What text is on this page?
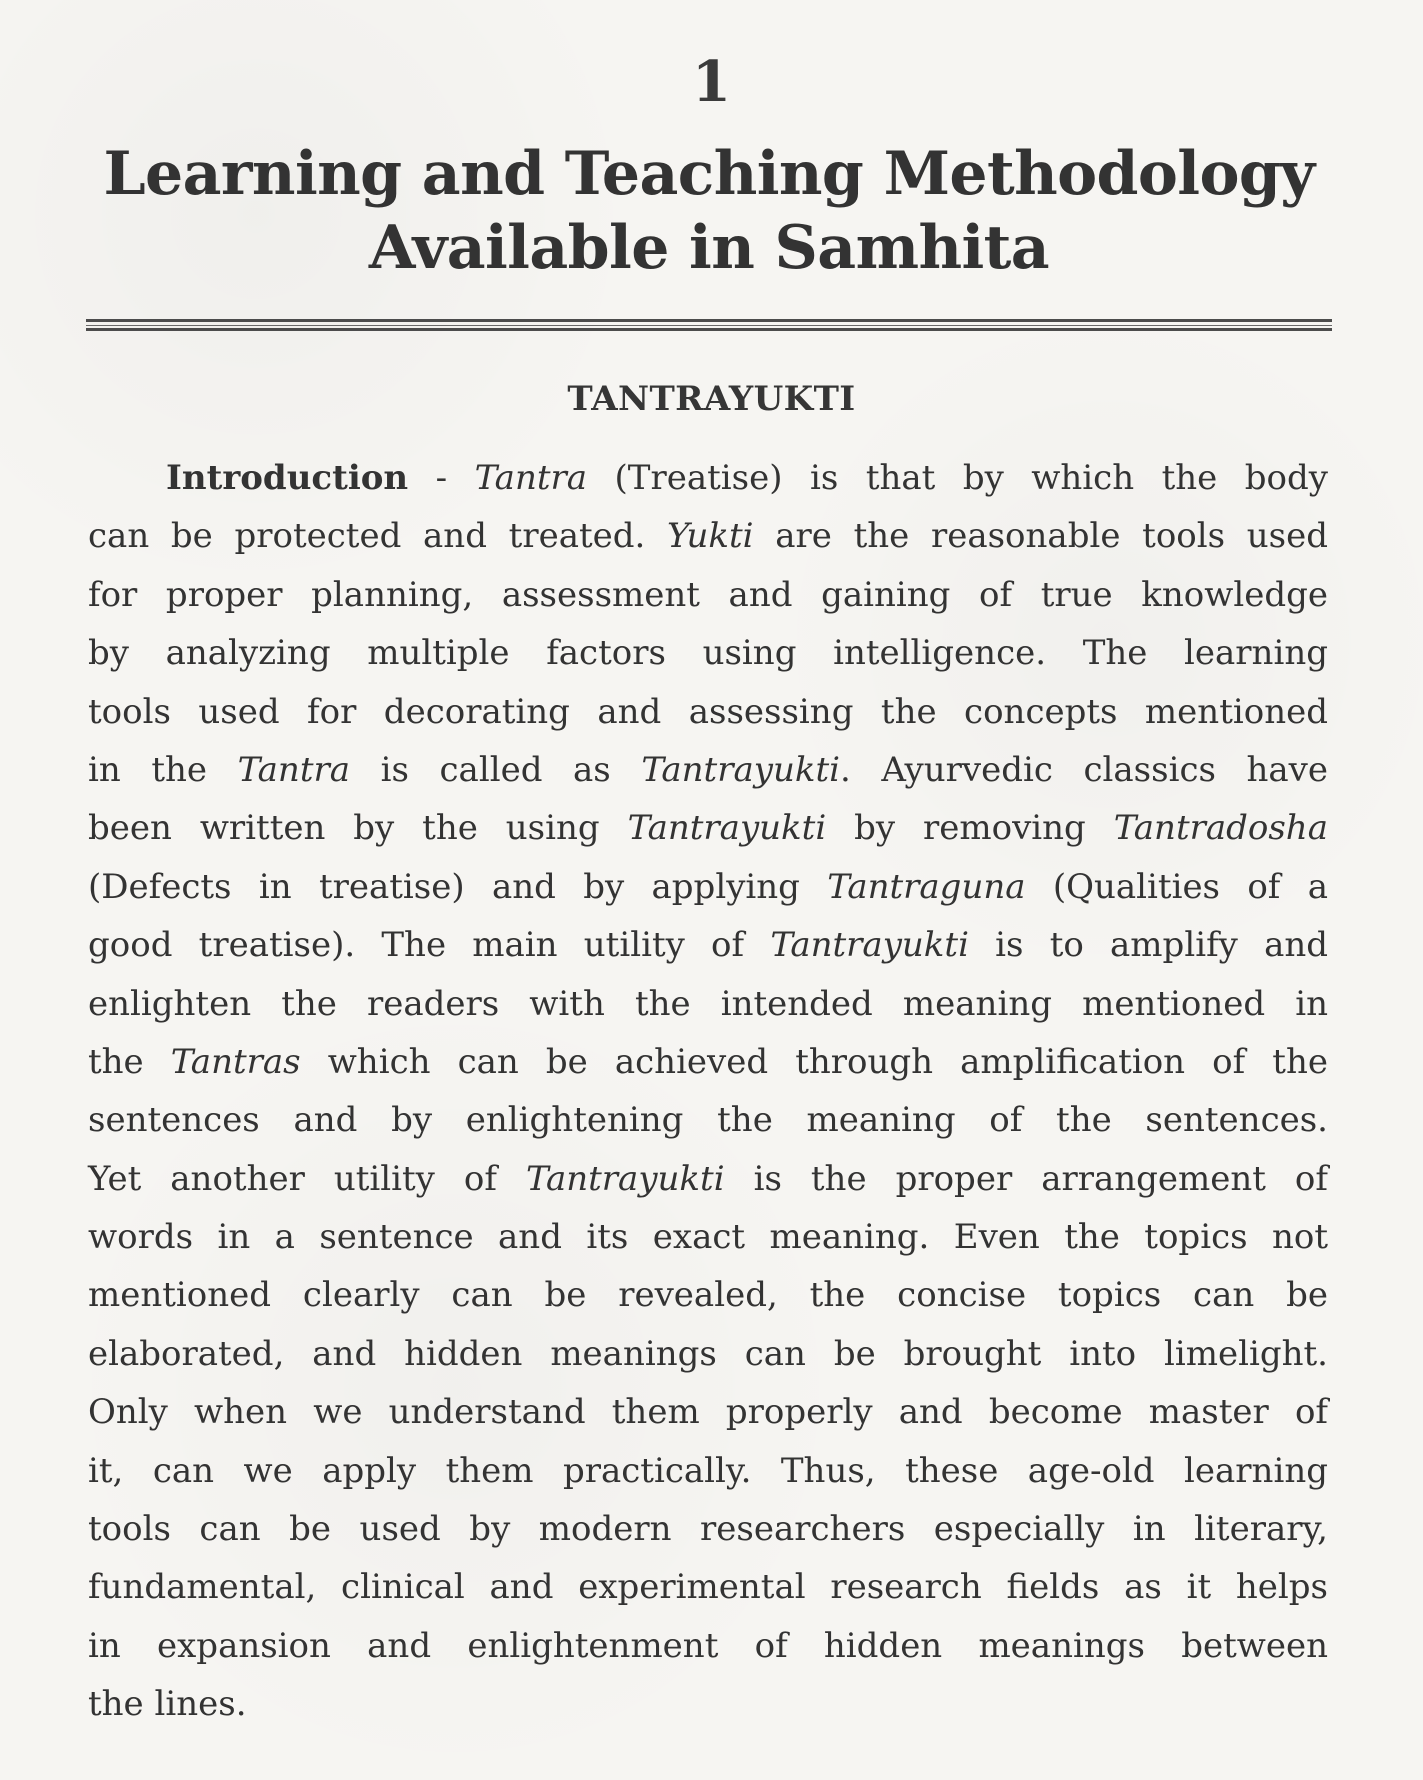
1
Learning and Teaching Methodology
Available in Samhita
TANTRAYUKTI
Introduction - Tantra (Treatise) is that by which the body
can be protected and treated. Yukti are the reasonable tools used
for proper planning, assessment and gaining of true knowledge
by analyzing multiple factors using intelligence. The learning
tools used for decorating and assessing the concepts mentioned
in the Tantra is called as Tantrayukti. Ayurvedic classics have
been written by the using Tantrayukti by removing Tantradosha
(Defects in treatise) and by applying Tantraguna (Qualities of a
good treatise). The main utility of Tantrayukti is to amplify and
enlighten the readers with the intended meaning mentioned in
the Tantras which can be achieved through amplification of the
sentences and by enlightening the meaning of the sentences.
Yet another utility of Tantrayukti is the proper arrangement of
words in a sentence and its exact meaning. Even the topics not
mentioned clearly can be revealed, the concise topics can be
elaborated, and hidden meanings can be brought into limelight.
Only when we understand them properly and become master of
it, can we apply them practically. Thus, these age-old learning
tools can be used by modern researchers especially in literary,
fundamental, clinical and experimental research fields as it helps
in expansion and enlightenment of hidden meanings between
the lines.
